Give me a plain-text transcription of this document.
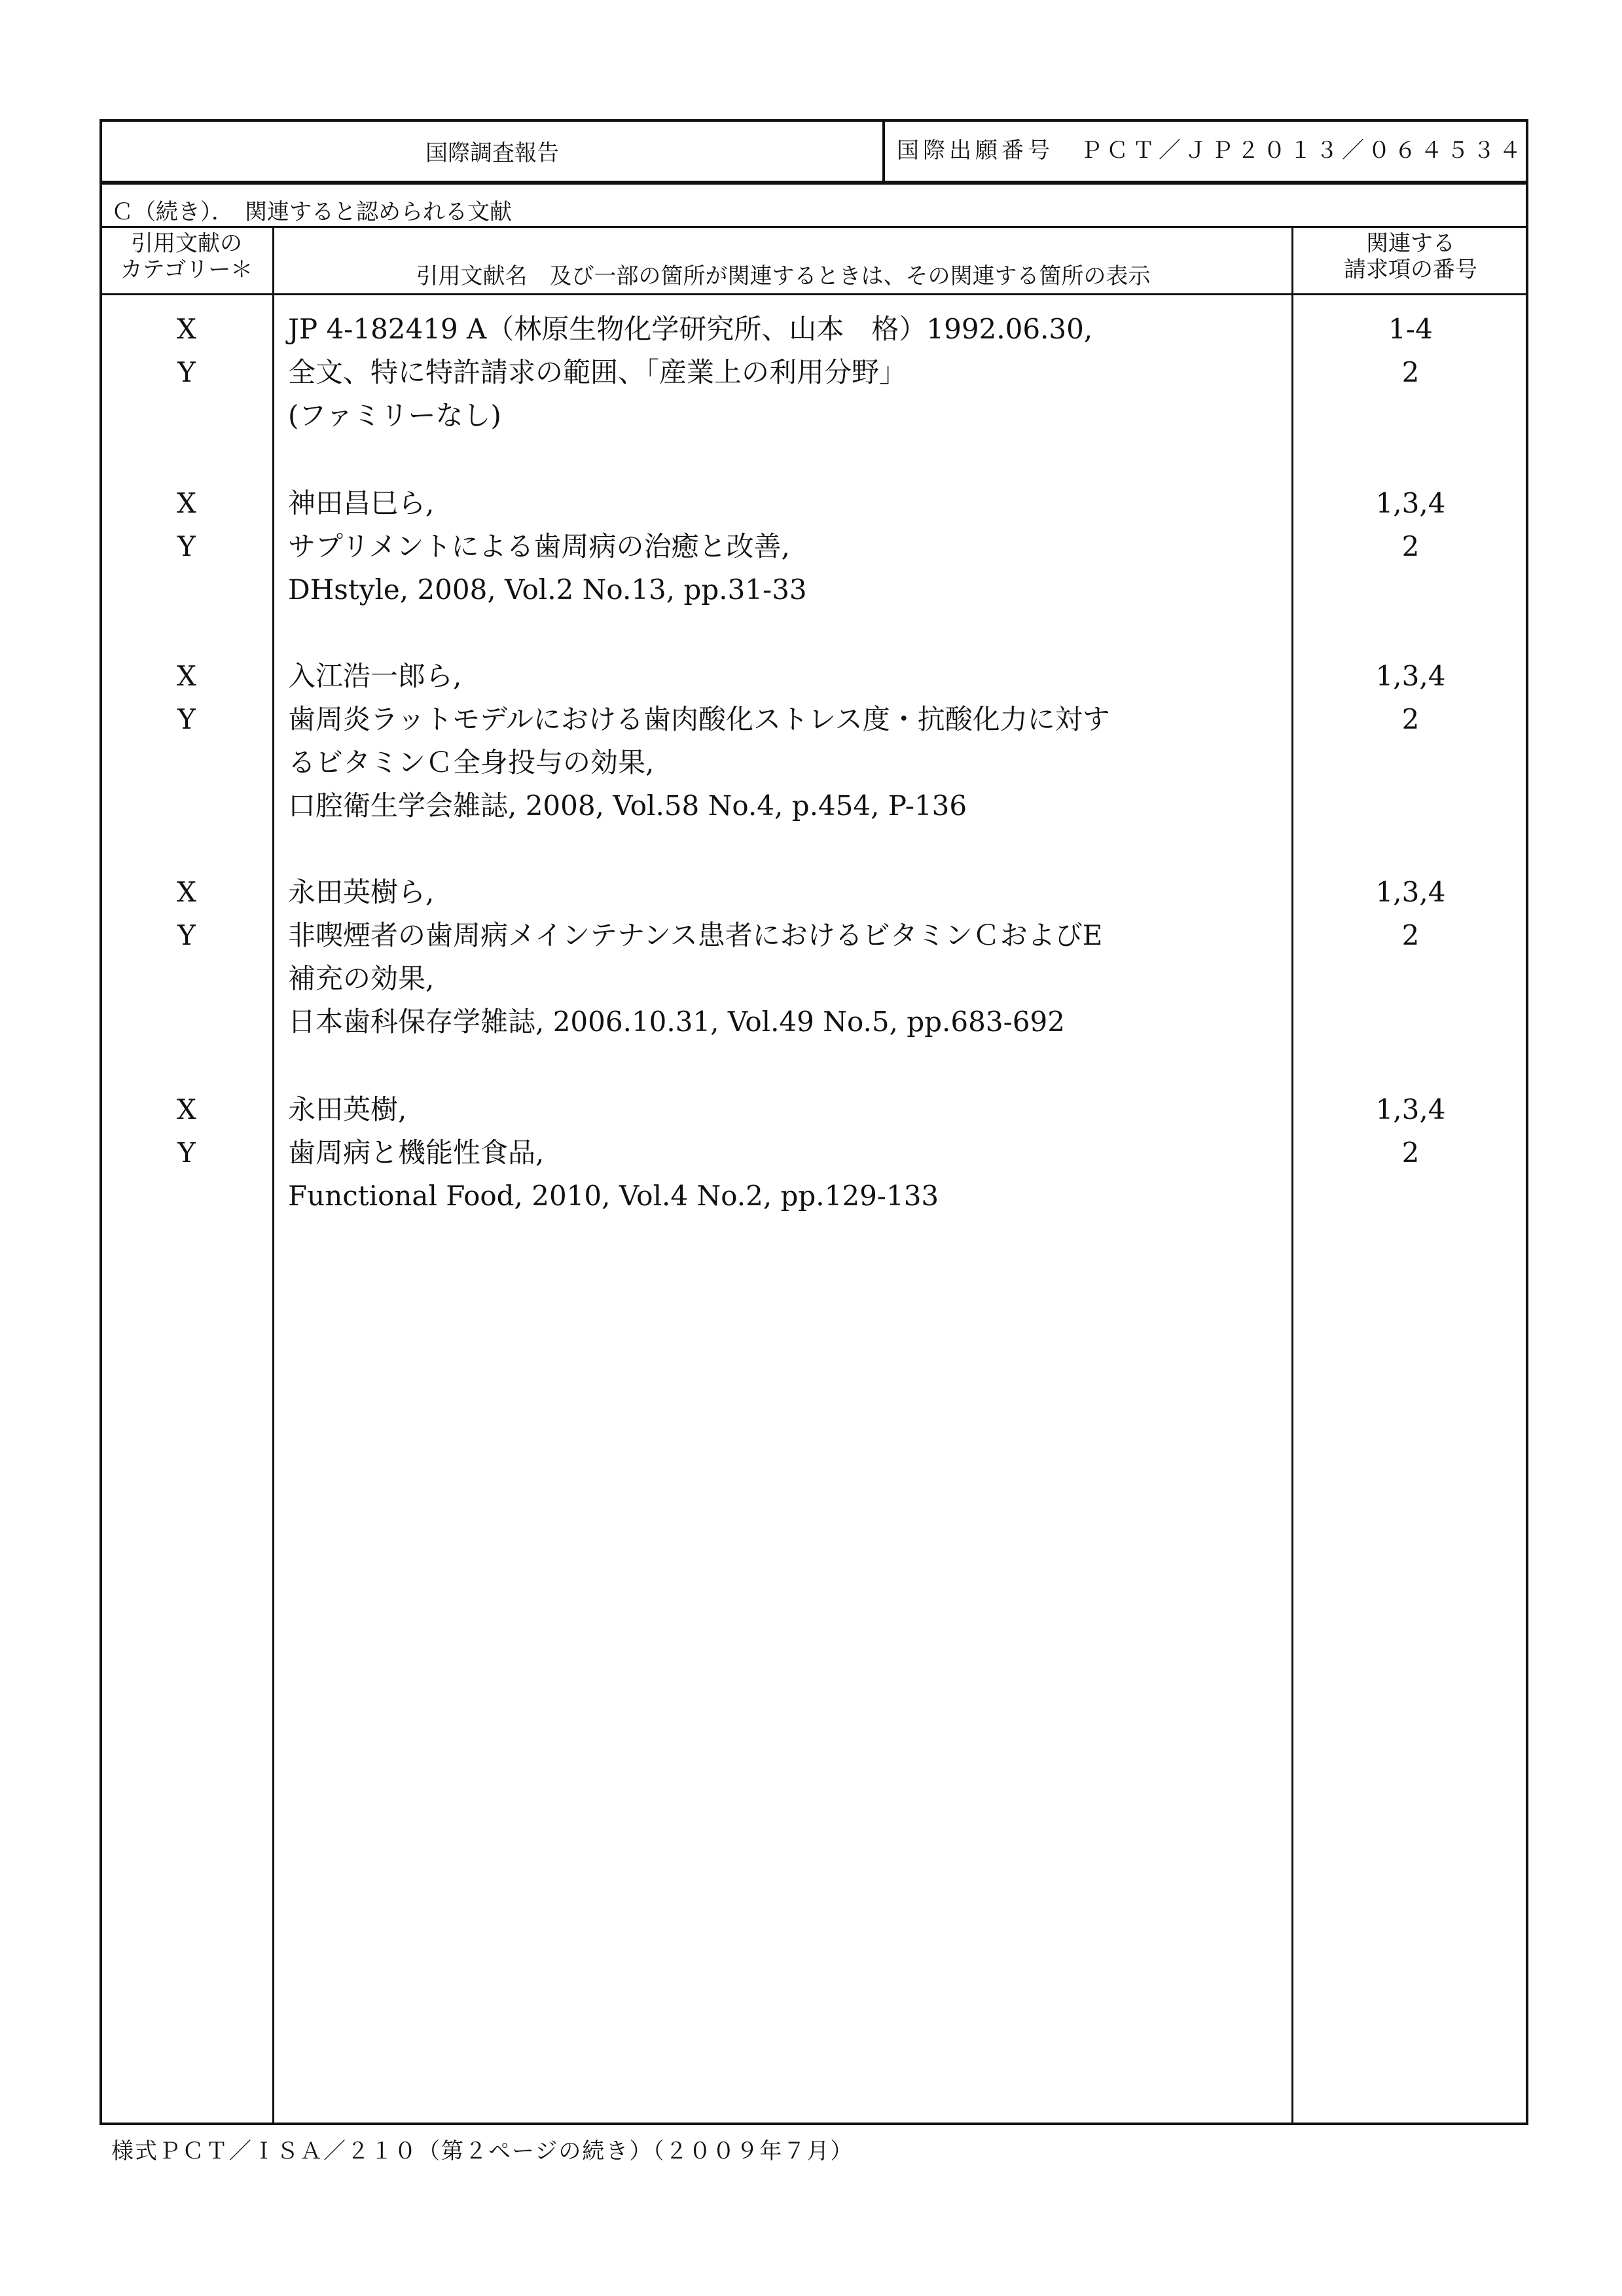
国際調査報告	国際出願番号　ＰＣＴ／ＪＰ２０１３／０６４５３４
Ｃ（続き）．　関連すると認められる文献
引用文献の
カテゴリー＊	引用文献名　及び一部の箇所が関連するときは、その関連する箇所の表示
関連する
請求項の番号
X
Y
JP 4-182419 A（林原生物化学研究所、山本　格）1992.06.30,
全文、特に特許請求の範囲、「産業上の利用分野」
(ファミリーなし)
1-4
2
X
Y
神田昌巳ら,
サプリメントによる歯周病の治癒と改善,
DHstyle, 2008, Vol.2 No.13, pp.31-33
1,3,4
2
X
Y
入江浩一郎ら,
歯周炎ラットモデルにおける歯肉酸化ストレス度・抗酸化力に対す
るビタミンＣ全身投与の効果,
口腔衛生学会雑誌, 2008, Vol.58 No.4, p.454, P-136
1,3,4
2
X
Y
永田英樹ら,
非喫煙者の歯周病メインテナンス患者におけるビタミンＣおよびE
補充の効果,
日本歯科保存学雑誌, 2006.10.31, Vol.49 No.5, pp.683-692
1,3,4
2
X
Y
永田英樹,
歯周病と機能性食品,
Functional Food, 2010, Vol.4 No.2, pp.129-133
1,3,4
2
様式ＰＣＴ／ＩＳＡ／２１０（第２ページの続き）（２００９年７月）
